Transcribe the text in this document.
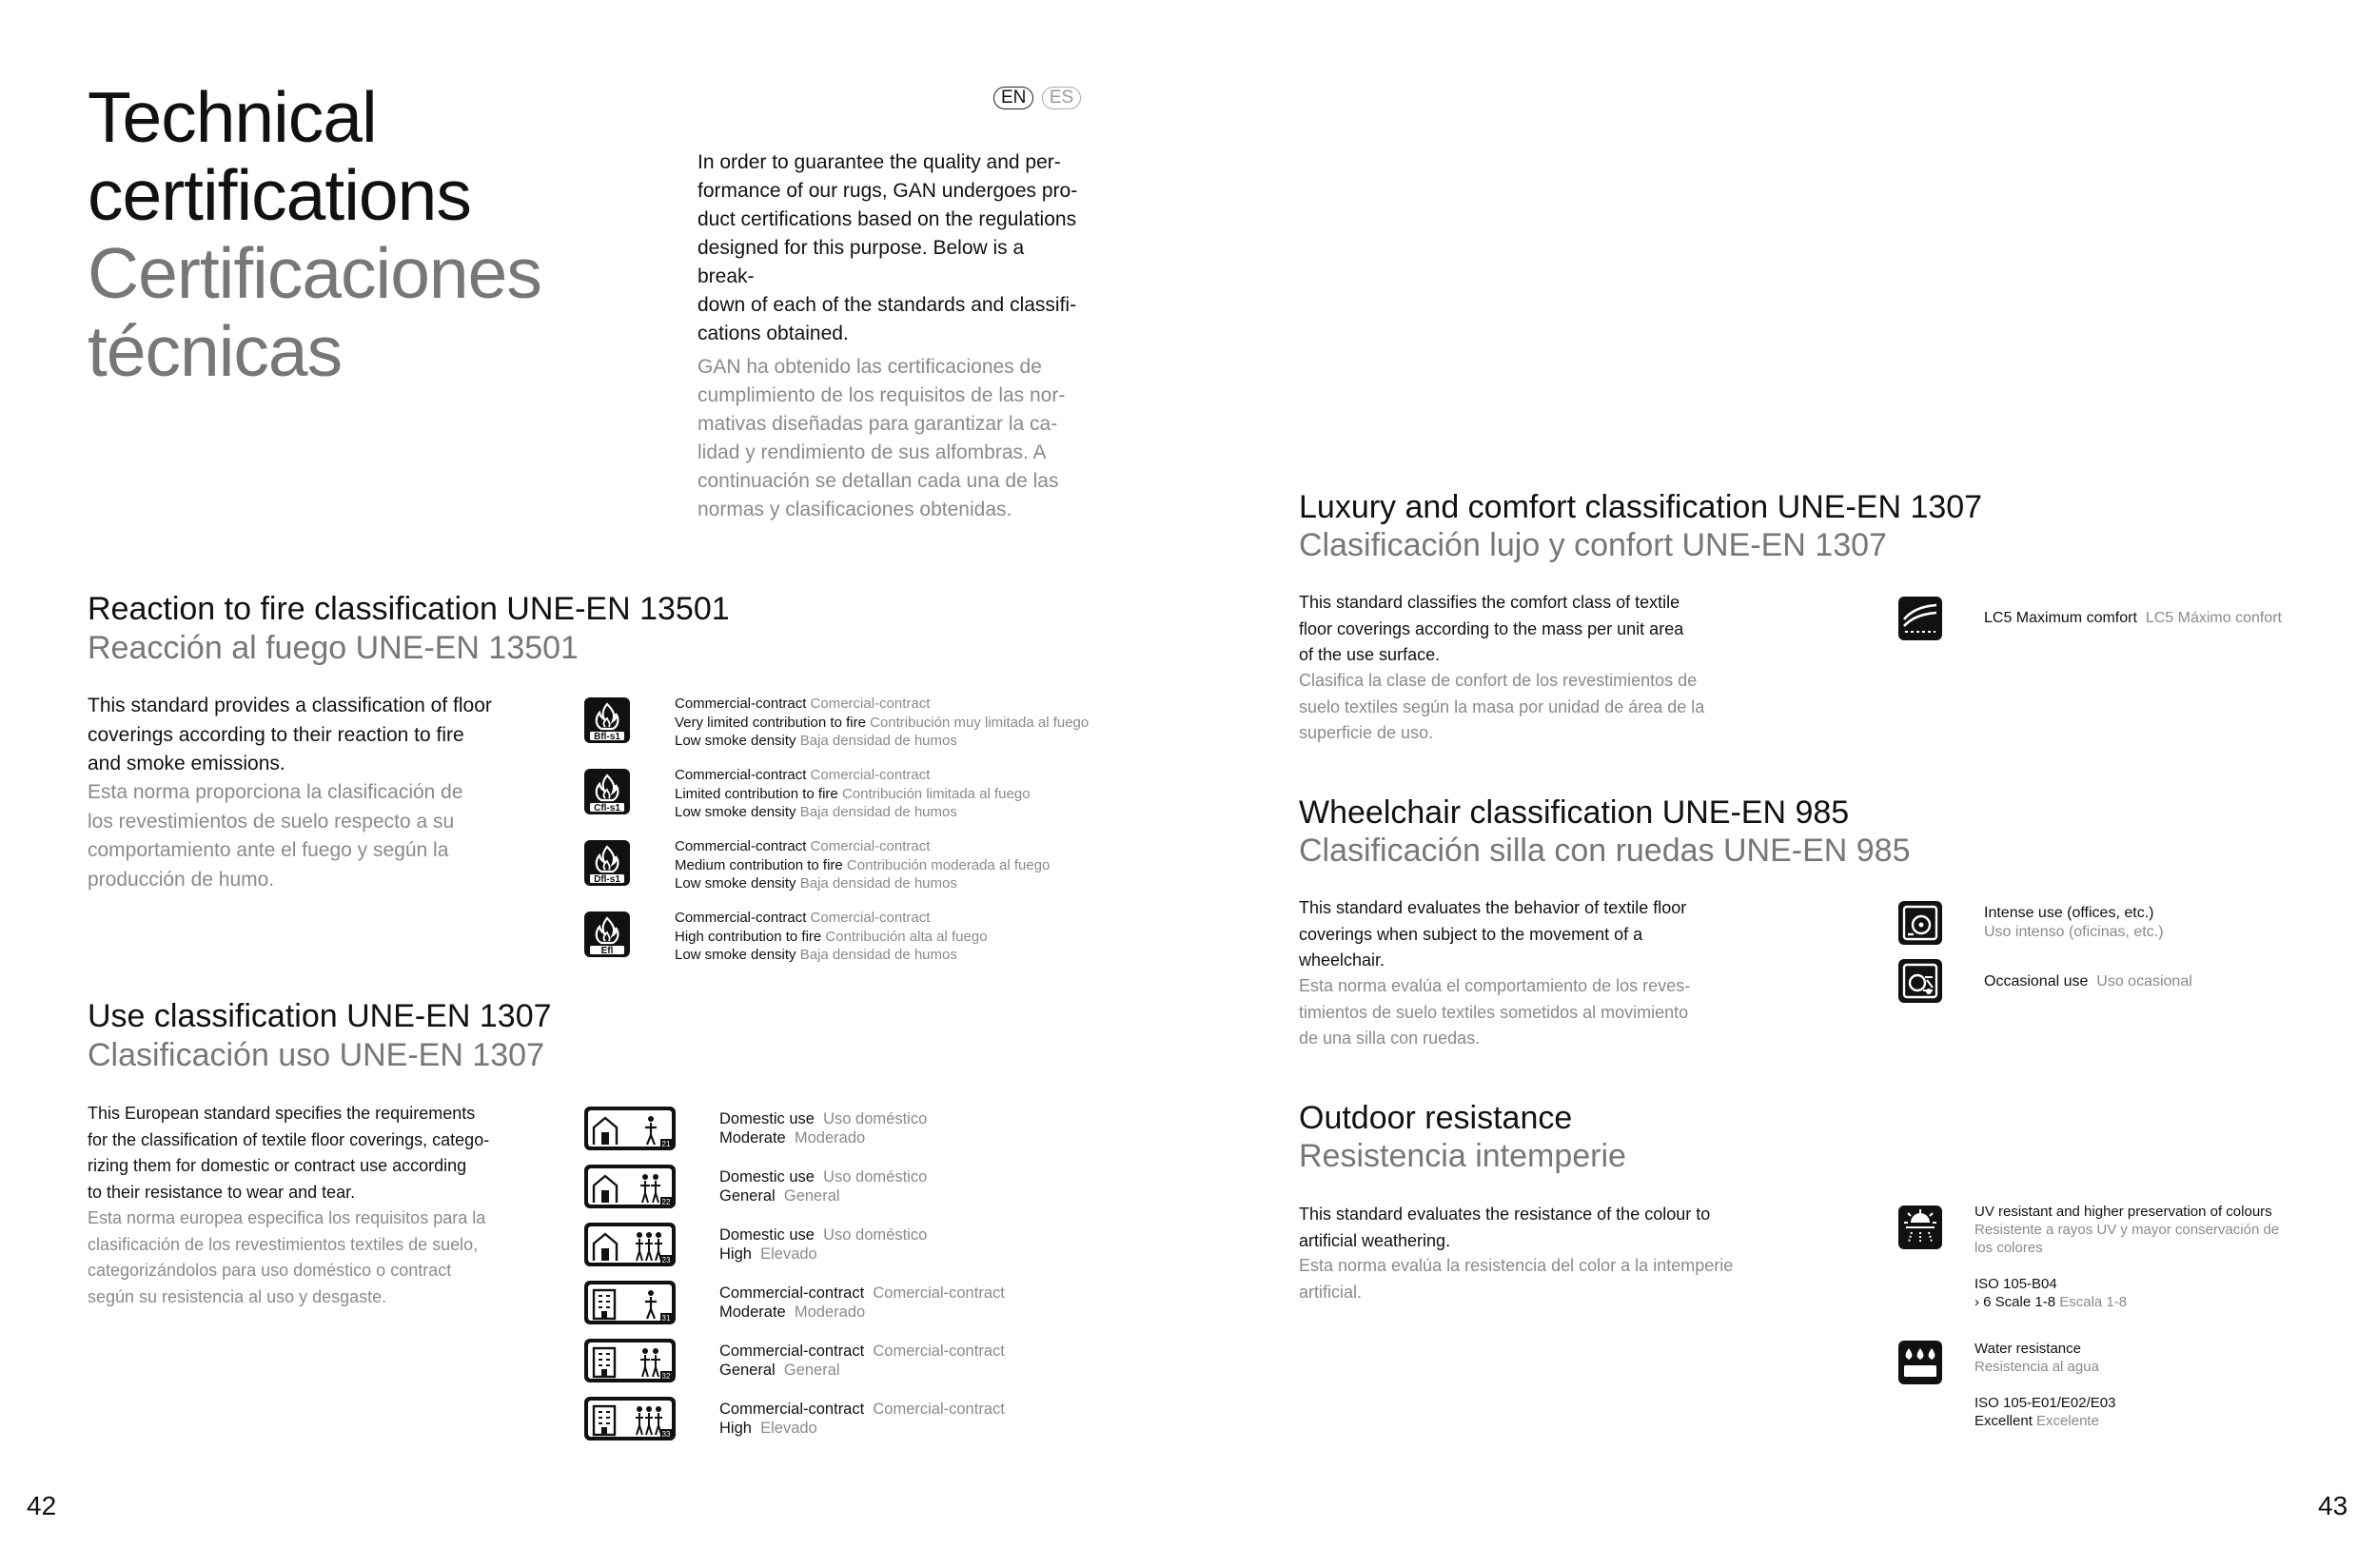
Technical
certifications
Certificaciones
técnicas
EN ES
In order to guarantee the quality and per-
formance of our rugs, GAN undergoes pro-
duct certifications based on the regulations
designed for this purpose. Below is a break-
down of each of the standards and classifi-
cations obtained.
GAN ha obtenido las certificaciones de
cumplimiento de los requisitos de las nor-
mativas diseñadas para garantizar la ca-
lidad y rendimiento de sus alfombras. A
continuación se detallan cada una de las
normas y clasificaciones obtenidas.
Reaction to fire classification UNE-EN 13501
Reacción al fuego UNE-EN 13501
This standard provides a classification of floor
coverings according to their reaction to fire
and smoke emissions.
Esta norma proporciona la clasificación de
los revestimientos de suelo respecto a su
comportamiento ante el fuego y según la
producción de humo.
Bfl-s1
Cfl-s1
Dfl-s1
Efl
Commercial-contract Comercial-contract
Very limited contribution to fire Contribución muy limitada al fuego
Low smoke density Baja densidad de humos
Commercial-contract Comercial-contract
Limited contribution to fire Contribución limitada al fuego
Low smoke density Baja densidad de humos
Commercial-contract Comercial-contract
Medium contribution to fire Contribución moderada al fuego
Low smoke density Baja densidad de humos
Commercial-contract Comercial-contract
High contribution to fire Contribución alta al fuego
Low smoke density Baja densidad de humos
Use classification UNE-EN 1307
Clasificación uso UNE-EN 1307
This European standard specifies the requirements
for the classification of textile floor coverings, catego-
rizing them for domestic or contract use according
to their resistance to wear and tear.
Esta norma europea especifica los requisitos para la
clasificación de los revestimientos textiles de suelo,
categorizándolos para uso doméstico o contract
según su resistencia al uso y desgaste.
21
22
23
31
32
33
Domestic use Uso doméstico
Moderate Moderado
Domestic use Uso doméstico
General General
Domestic use Uso doméstico
High Elevado
Commercial-contract Comercial-contract
Moderate Moderado
Commercial-contract Comercial-contract
General General
Commercial-contract Comercial-contract
High Elevado
42
Luxury and comfort classification UNE-EN 1307
Clasificación lujo y confort UNE-EN 1307
This standard classifies the comfort class of textile
floor coverings according to the mass per unit area
of the use surface.
Clasifica la clase de confort de los revestimientos de
suelo textiles según la masa por unidad de área de la
superficie de uso.
LC5 Maximum comfort LC5 Máximo confort
Wheelchair classification UNE-EN 985
Clasificación silla con ruedas UNE-EN 985
This standard evaluates the behavior of textile floor
coverings when subject to the movement of a
wheelchair.
Esta norma evalúa el comportamiento de los reves-
timientos de suelo textiles sometidos al movimiento
de una silla con ruedas.
Intense use (offices, etc.)
Uso intenso (oficinas, etc.)
Occasional use Uso ocasional
Outdoor resistance
Resistencia intemperie
This standard evaluates the resistance of the colour to
artificial weathering.
Esta norma evalúa la resistencia del color a la intemperie
artificial.
UV resistant and higher preservation of colours
Resistente a rayos UV y mayor conservación de
los colores
ISO 105-B04
› 6 Scale 1-8 Escala 1-8
Water resistance
Resistencia al agua
ISO 105-E01/E02/E03
Excellent Excelente
43
